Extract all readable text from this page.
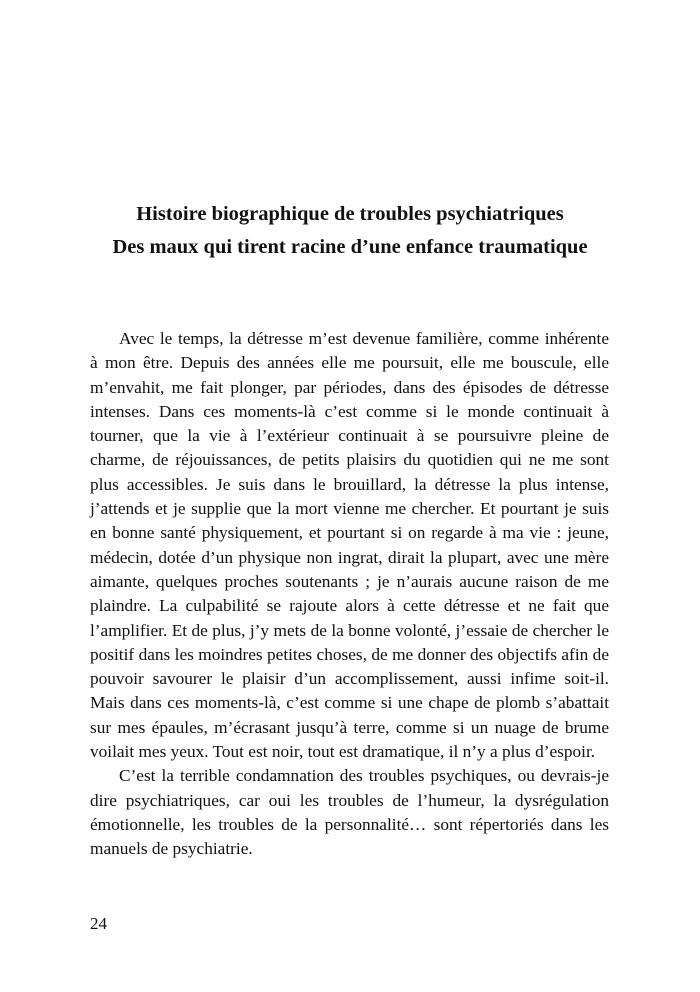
Histoire biographique de troubles psychiatriques
Des maux qui tirent racine d’une enfance traumatique

Avec le temps, la détresse m’est devenue familière, comme inhérente à mon être. Depuis des années elle me poursuit, elle me bouscule, elle m’envahit, me fait plonger, par périodes, dans des épisodes de détresse intenses. Dans ces moments-là c’est comme si le monde continuait à tourner, que la vie à l’extérieur continuait à se poursuivre pleine de charme, de réjouissances, de petits plaisirs du quotidien qui ne me sont plus accessibles. Je suis dans le brouillard, la détresse la plus intense, j’attends et je supplie que la mort vienne me chercher. Et pourtant je suis en bonne santé physiquement, et pourtant si on regarde à ma vie : jeune, médecin, dotée d’un physique non ingrat, dirait la plupart, avec une mère aimante, quelques proches soutenants ; je n’aurais aucune raison de me plaindre. La culpabilité se rajoute alors à cette détresse et ne fait que l’amplifier. Et de plus, j’y mets de la bonne volonté, j’essaie de chercher le positif dans les moindres petites choses, de me donner des objectifs afin de pouvoir savourer le plaisir d’un accomplissement, aussi infime soit-il. Mais dans ces moments-là, c’est comme si une chape de plomb s’abattait sur mes épaules, m’écrasant jusqu’à terre, comme si un nuage de brume voilait mes yeux. Tout est noir, tout est dramatique, il n’y a plus d’espoir.

C’est la terrible condamnation des troubles psychiques, ou devrais-je dire psychiatriques, car oui les troubles de l’humeur, la dysrégulation émotionnelle, les troubles de la personnalité… sont répertoriés dans les manuels de psychiatrie.

24
